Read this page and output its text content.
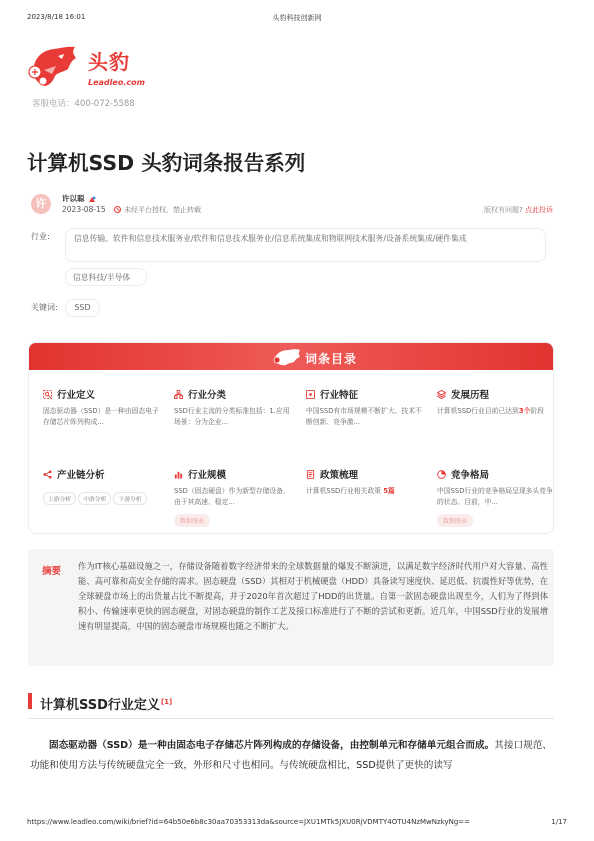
2023/8/18 16:01	头豹科技创新网
头豹
Leadleo.com
客服电话：400-072-5588
计算机SSD 头豹词条报告系列
许	许以聪
2023-08-15	未经平台授权，禁止转载	版权有问题? 点此投诉
行业:	信息传输、软件和信息技术服务业/软件和信息技术服务业/信息系统集成和物联网技术服务/设备系统集成/硬件集成
信息科技/半导体
关键词:	SSD
词条目录
行业定义
固态驱动器（SSD）是一种由固态电子存储芯片阵列构成...
行业分类
SSD行业主流的分类标准包括：1.应用场景：分为企业...
行业特征
中国SSD有市场规模不断扩大、技术不断创新、竞争激...
发展历程
计算机SSD行业目前已达到3个阶段
产业链分析
上游分析 中游分析 下游分析
行业规模
SSD（固态硬盘）作为新型存储设备，由于其高速、稳定...
数据图表
政策梳理
计算机SSD行业相关政策 5篇
竞争格局
中国SSD行业的竞争格局呈现多头竞争的状态。目前，中...
数据图表
摘要 作为IT核心基础设施之一，存储设备随着数字经济带来的全球数据量的爆发不断演进，以满足数字经济时代用户对大容量、高性能、高可靠和高安全存储的需求。固态硬盘（SSD）其相对于机械硬盘（HDD）具备读写速度快、延迟低、抗震性好等优势，在全球硬盘市场上的出货量占比不断提高，并于2020年首次超过了HDD的出货量。自第一款固态硬盘出现至今，人们为了得到体积小、传输速率更快的固态硬盘，对固态硬盘的制作工艺及接口标准进行了不断的尝试和更新。近几年，中国SSD行业的发展增速有明显提高，中国的固态硬盘市场规模也随之不断扩大。
计算机SSD行业定义[1]

固态驱动器（SSD）是一种由固态电子存储芯片阵列构成的存储设备，由控制单元和存储单元组合而成。其接口规范、功能和使用方法与传统硬盘完全一致，外形和尺寸也相同。与传统硬盘相比，SSD提供了更快的读写

https://www.leadleo.com/wiki/brief?id=64b50e6b8c30aa70353313da&source=JXU1MTk5JXU0RjVDMTY4OTU4NzMwNzkyNg==	1/17
